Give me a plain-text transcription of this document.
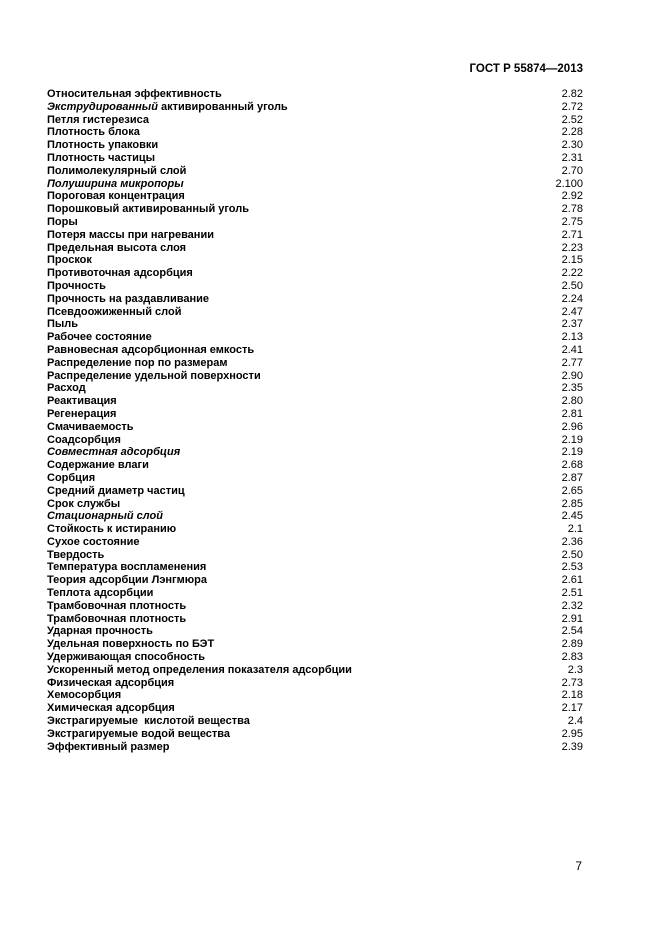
ГОСТ Р 55874—2013
Относительная эффективность	2.82
Экструдированный активированный уголь	2.72
Петля гистерезиса	2.52
Плотность блока	2.28
Плотность упаковки	2.30
Плотность частицы	2.31
Полимолекулярный слой	2.70
Полуширина микропоры	2.100
Пороговая концентрация	2.92
Порошковый активированный уголь	2.78
Поры	2.75
Потеря массы при нагревании	2.71
Предельная высота слоя	2.23
Проскок	2.15
Противоточная адсорбция	2.22
Прочность	2.50
Прочность на раздавливание	2.24
Псевдоожиженный слой	2.47
Пыль	2.37
Рабочее состояние	2.13
Равновесная адсорбционная емкость	2.41
Распределение пор по размерам	2.77
Распределение удельной поверхности	2.90
Расход	2.35
Реактивация	2.80
Регенерация	2.81
Смачиваемость	2.96
Соадсорбция	2.19
Совместная адсорбция	2.19
Содержание влаги	2.68
Сорбция	2.87
Средний диаметр частиц	2.65
Срок службы	2.85
Стационарный слой	2.45
Стойкость к истиранию	2.1
Сухое состояние	2.36
Твердость	2.50
Температура воспламенения	2.53
Теория адсорбции Лэнгмюра	2.61
Теплота адсорбции	2.51
Трамбовочная плотность	2.32
Трамбовочная плотность	2.91
Ударная прочность	2.54
Удельная поверхность по БЭТ	2.89
Удерживающая способность	2.83
Ускоренный метод определения показателя адсорбции	2.3
Физическая адсорбция	2.73
Хемосорбция	2.18
Химическая адсорбция	2.17
Экстрагируемые  кислотой вещества	2.4
Экстрагируемые водой вещества	2.95
Эффективный размер	2.39
7
